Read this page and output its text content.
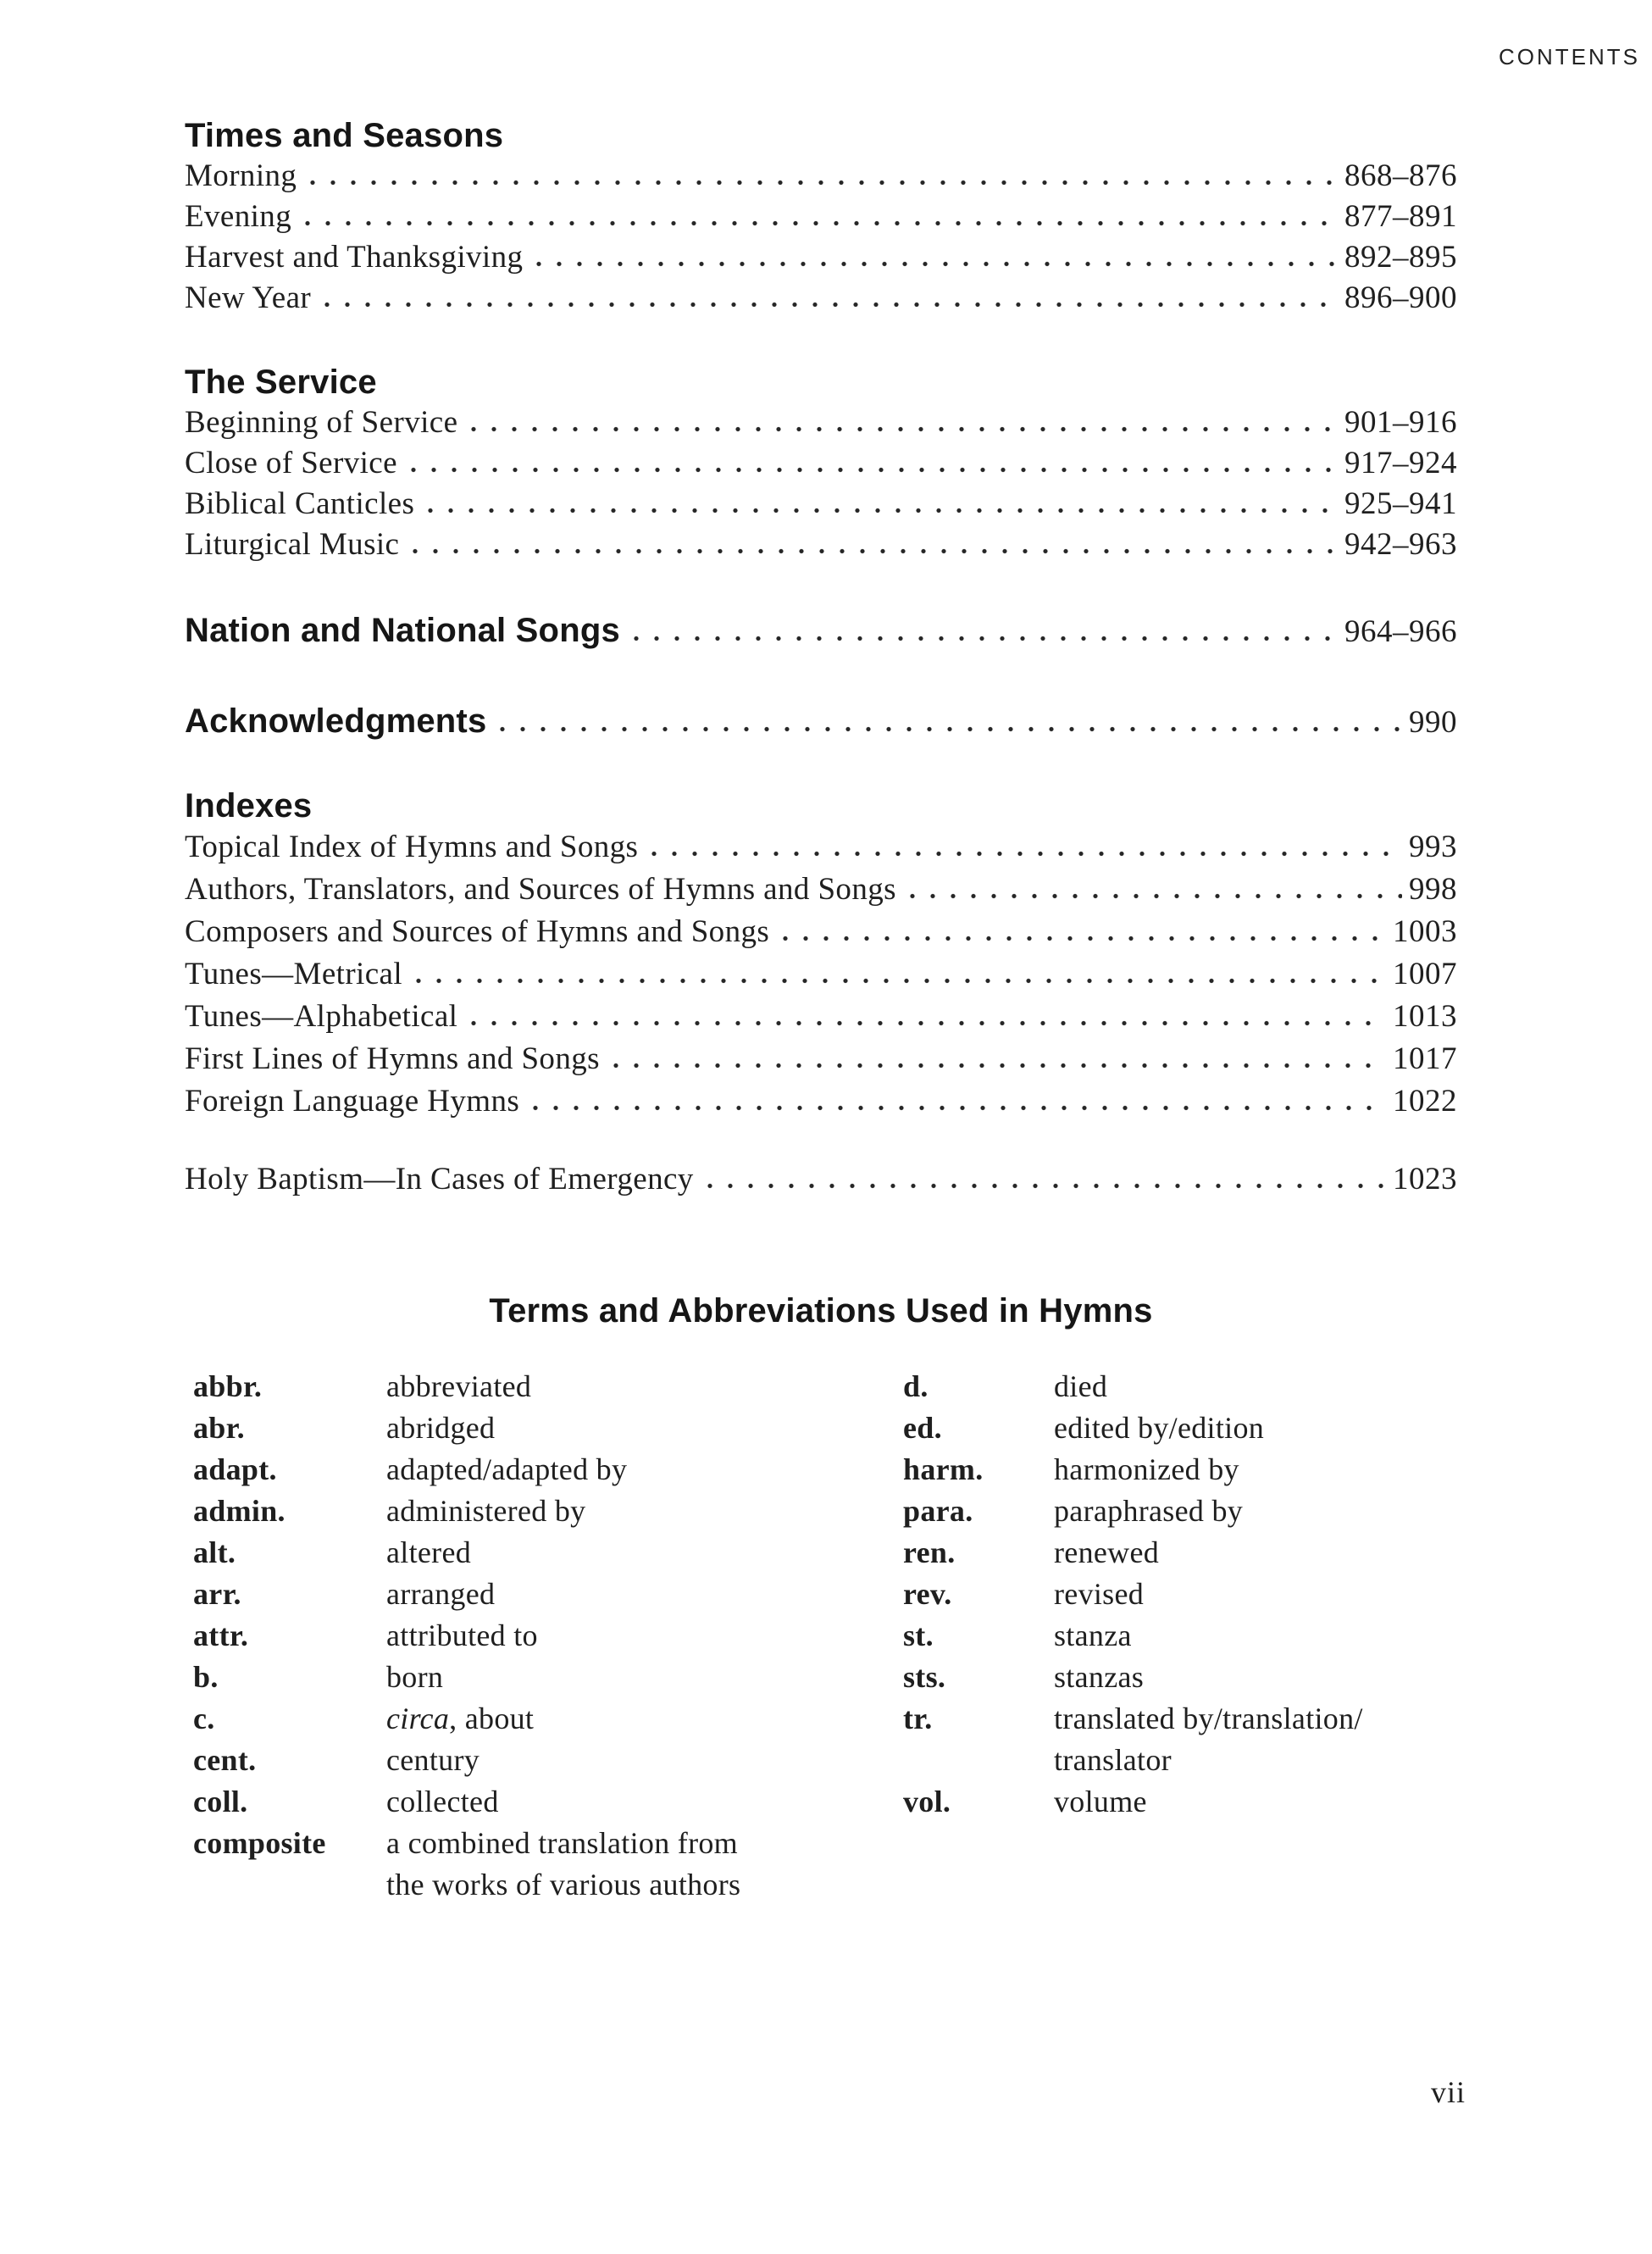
CONTENTS
Times and Seasons
Morning	868–876
Evening	877–891
Harvest and Thanksgiving	892–895
New Year	896–900
The Service
Beginning of Service	901–916
Close of Service	917–924
Biblical Canticles	925–941
Liturgical Music	942–963
Nation and National Songs	964–966
Acknowledgments	990
Indexes
Topical Index of Hymns and Songs	993
Authors, Translators, and Sources of Hymns and Songs	998
Composers and Sources of Hymns and Songs	1003
Tunes—Metrical	1007
Tunes—Alphabetical	1013
First Lines of Hymns and Songs	1017
Foreign Language Hymns	1022
Holy Baptism—In Cases of Emergency	1023
Terms and Abbreviations Used in Hymns
abbr.	abbreviated
abr.	abridged
adapt.	adapted/adapted by
admin.	administered by
alt.	altered
arr.	arranged
attr.	attributed to
b.	born
c.	circa, about
cent.	century
coll.	collected
composite	a combined translation from
the works of various authors
d.	died
ed.	edited by/edition
harm.	harmonized by
para.	paraphrased by
ren.	renewed
rev.	revised
st.	stanza
sts.	stanzas
tr.	translated by/translation/
translator
vol.	volume
vii
